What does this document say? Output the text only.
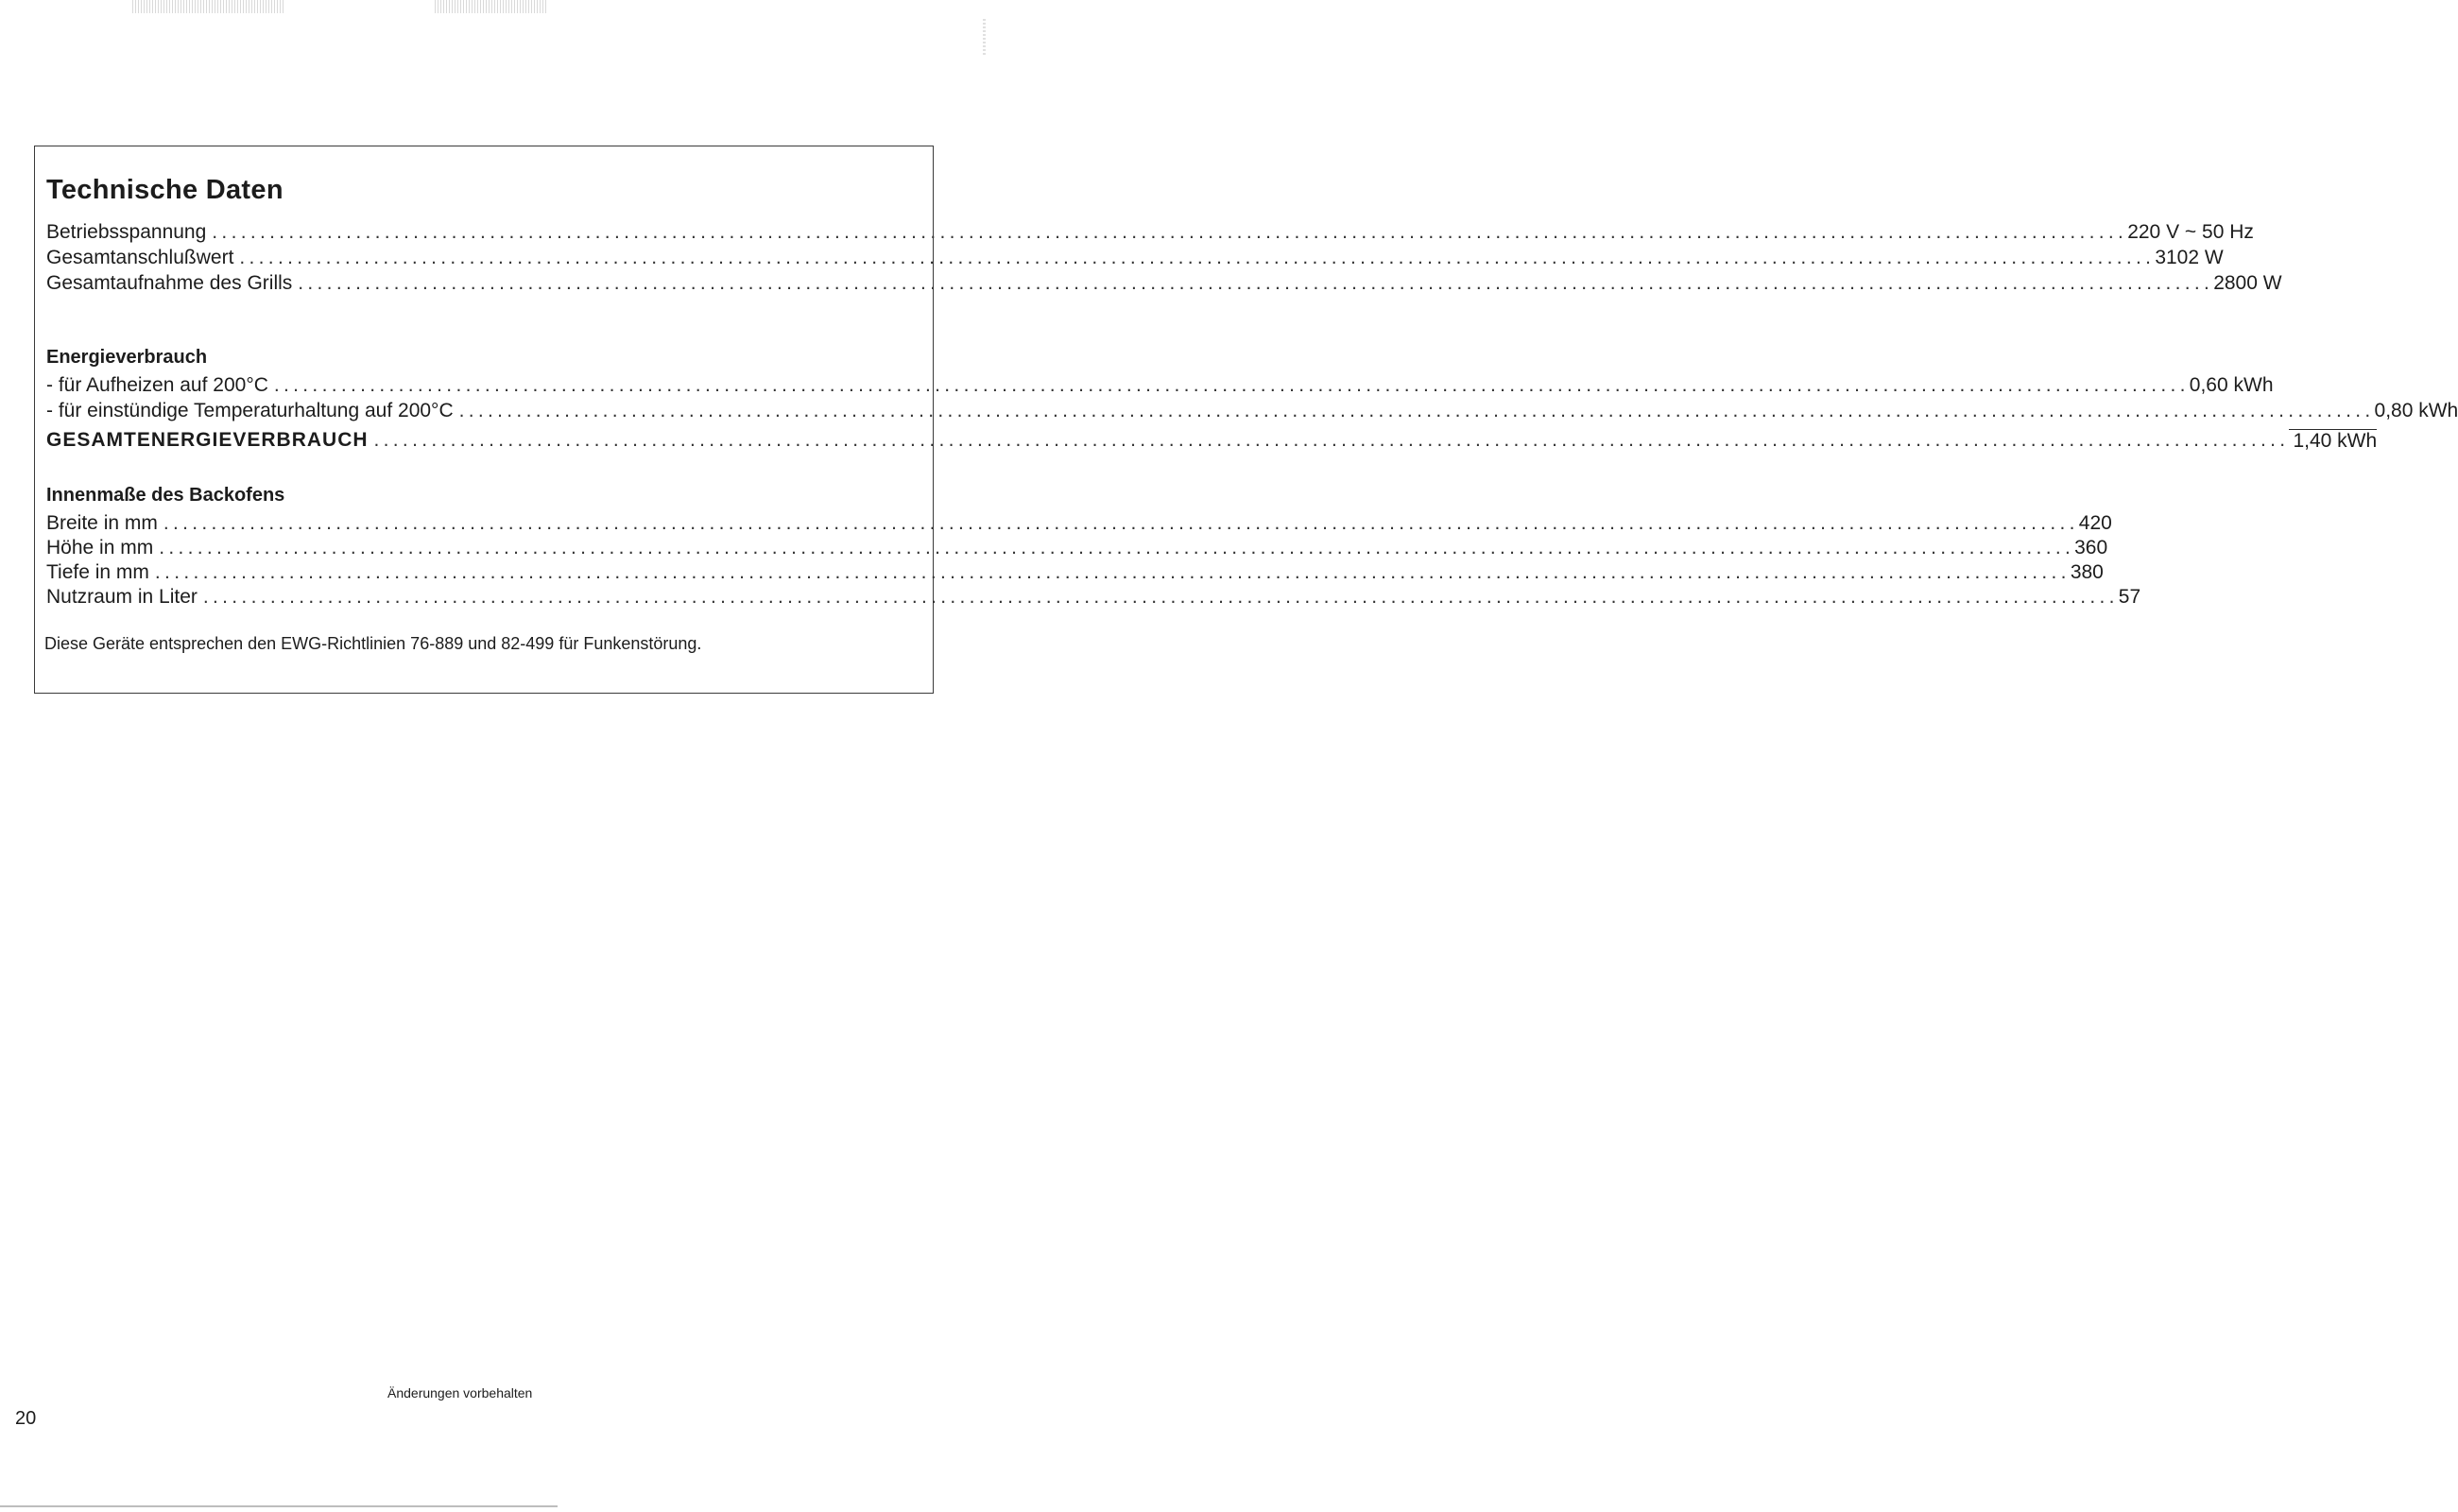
Technische Daten
Betriebsspannung ........................................................................................................................................................................................................ 220 V ~ 50 Hz
Gesamtanschlußwert ........................................................................................................................................................................................................ 3102 W
Gesamtaufnahme des Grills ........................................................................................................................................................................................................ 2800 W
Energieverbrauch
- für Aufheizen auf 200°C ........................................................................................................................................................................................................ 0,60 kWh
- für einstündige Temperaturhaltung auf 200°C ........................................................................................................................................................................................................ 0,80 kWh
GESAMTENERGIEVERBRAUCH ........................................................................................................................................................................................................ 1,40 kWh
Innenmaße des Backofens
Breite in mm ........................................................................................................................................................................................................ 420
Höhe in mm ........................................................................................................................................................................................................ 360
Tiefe in mm ........................................................................................................................................................................................................ 380
Nutzraum in Liter ........................................................................................................................................................................................................ 57

Diese Geräte entsprechen den EWG-Richtlinien 76-889 und 82-499 für Funkenstörung.

Änderungen vorbehalten

20
